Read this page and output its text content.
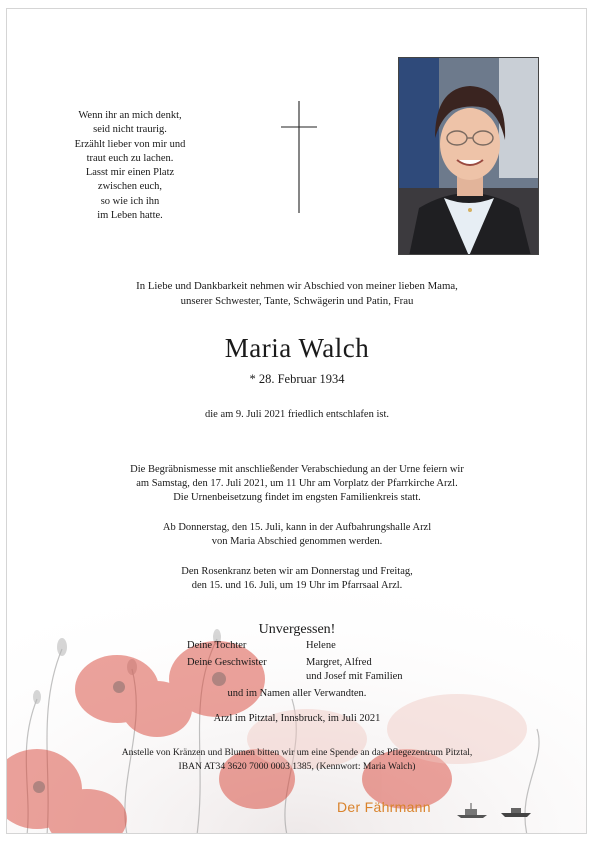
Wenn ihr an mich denkt,
seid nicht traurig.
Erzählt lieber von mir und
traut euch zu lachen.
Lasst mir einen Platz
zwischen euch,
so wie ich ihn
im Leben hatte.
In Liebe und Dankbarkeit nehmen wir Abschied von meiner lieben Mama,
unserer Schwester, Tante, Schwägerin und Patin, Frau
Maria Walch
* 28. Februar 1934
die am 9. Juli 2021 friedlich entschlafen ist.
Die Begräbnismesse mit anschließender Verabschiedung an der Urne feiern wir
am Samstag, den 17. Juli 2021, um 11 Uhr am Vorplatz der Pfarrkirche Arzl.
Die Urnenbeisetzung findet im engsten Familienkreis statt.
Ab Donnerstag, den 15. Juli, kann in der Aufbahrungshalle Arzl
von Maria Abschied genommen werden.
Den Rosenkranz beten wir am Donnerstag und Freitag,
den 15. und 16. Juli, um 19 Uhr im Pfarrsaal Arzl.
Unvergessen!
Deine Tochter	Helene
Deine Geschwister	Margret, Alfred
und Josef mit Familien
und im Namen aller Verwandten.
Arzl im Pitztal, Innsbruck, im Juli 2021
Anstelle von Kränzen und Blumen bitten wir um eine Spende an das Pflegezentrum Pitztal,
IBAN AT34 3620 7000 0003 1385, (Kennwort: Maria Walch)
Der Fährmann
